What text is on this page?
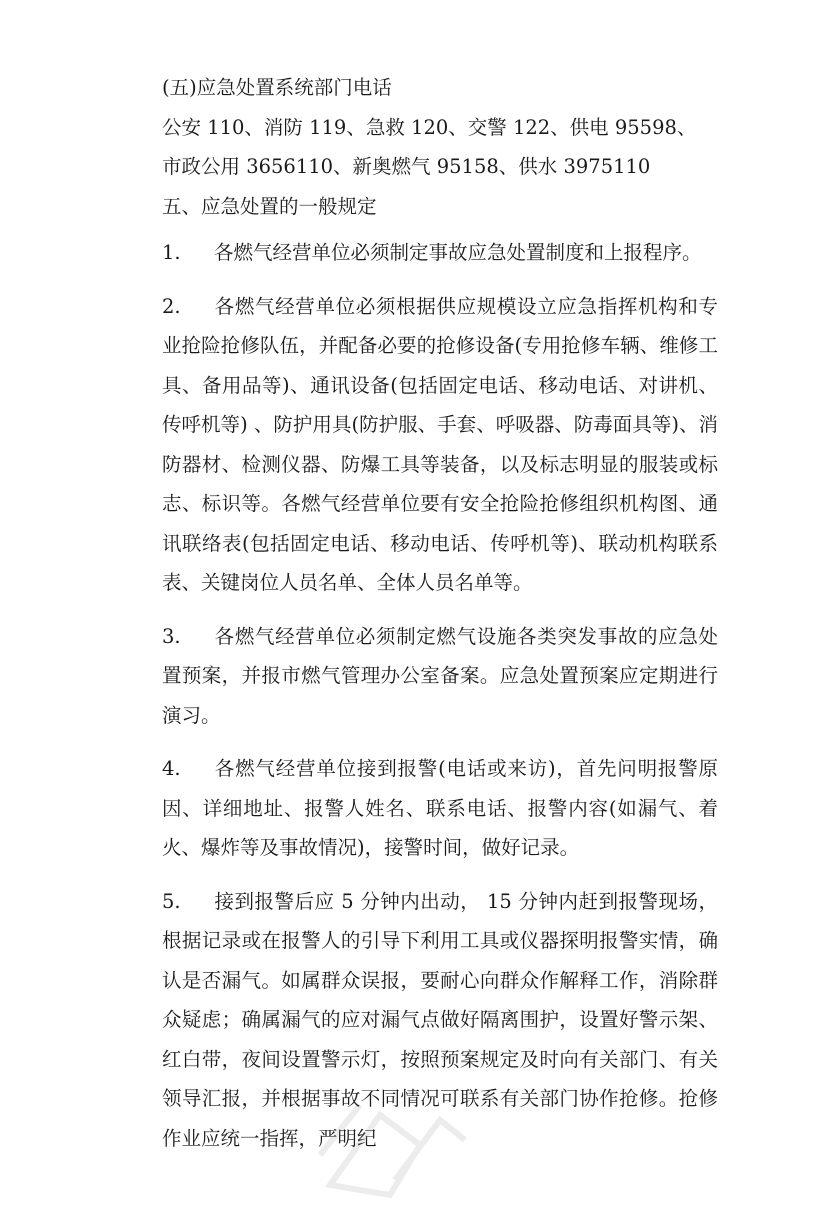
(五)应急处置系统部门电话

公安 110、消防 119、急救 120、交警 122、供电 95598、

市政公用 3656110、新奥燃气 95158、供水 3975110

五、应急处置的一般规定

1. 各燃气经营单位必须制定事故应急处置制度和上报程序。

2. 各燃气经营单位必须根据供应规模设立应急指挥机构和专业抢险抢修队伍，并配备必要的抢修设备(专用抢修车辆、维修工具、备用品等)、通讯设备(包括固定电话、移动电话、对讲机、传呼机等) 、防护用具(防护服、手套、呼吸器、防毒面具等)、消防器材、检测仪器、防爆工具等装备，以及标志明显的服装或标志、标识等。各燃气经营单位要有安全抢险抢修组织机构图、通讯联络表(包括固定电话、移动电话、传呼机等)、联动机构联系表、关键岗位人员名单、全体人员名单等。

3. 各燃气经营单位必须制定燃气设施各类突发事故的应急处置预案，并报市燃气管理办公室备案。应急处置预案应定期进行演习。

4. 各燃气经营单位接到报警(电话或来访)，首先问明报警原因、详细地址、报警人姓名、联系电话、报警内容(如漏气、着火、爆炸等及事故情况)，接警时间，做好记录。

5. 接到报警后应 5 分钟内出动， 15 分钟内赶到报警现场，根据记录或在报警人的引导下利用工具或仪器探明报警实情，确认是否漏气。如属群众误报，要耐心向群众作解释工作，消除群众疑虑；确属漏气的应对漏气点做好隔离围护，设置好警示架、红白带，夜间设置警示灯，按照预案规定及时向有关部门、有关领导汇报，并根据事故不同情况可联系有关部门协作抢修。抢修作业应统一指挥，严明纪
